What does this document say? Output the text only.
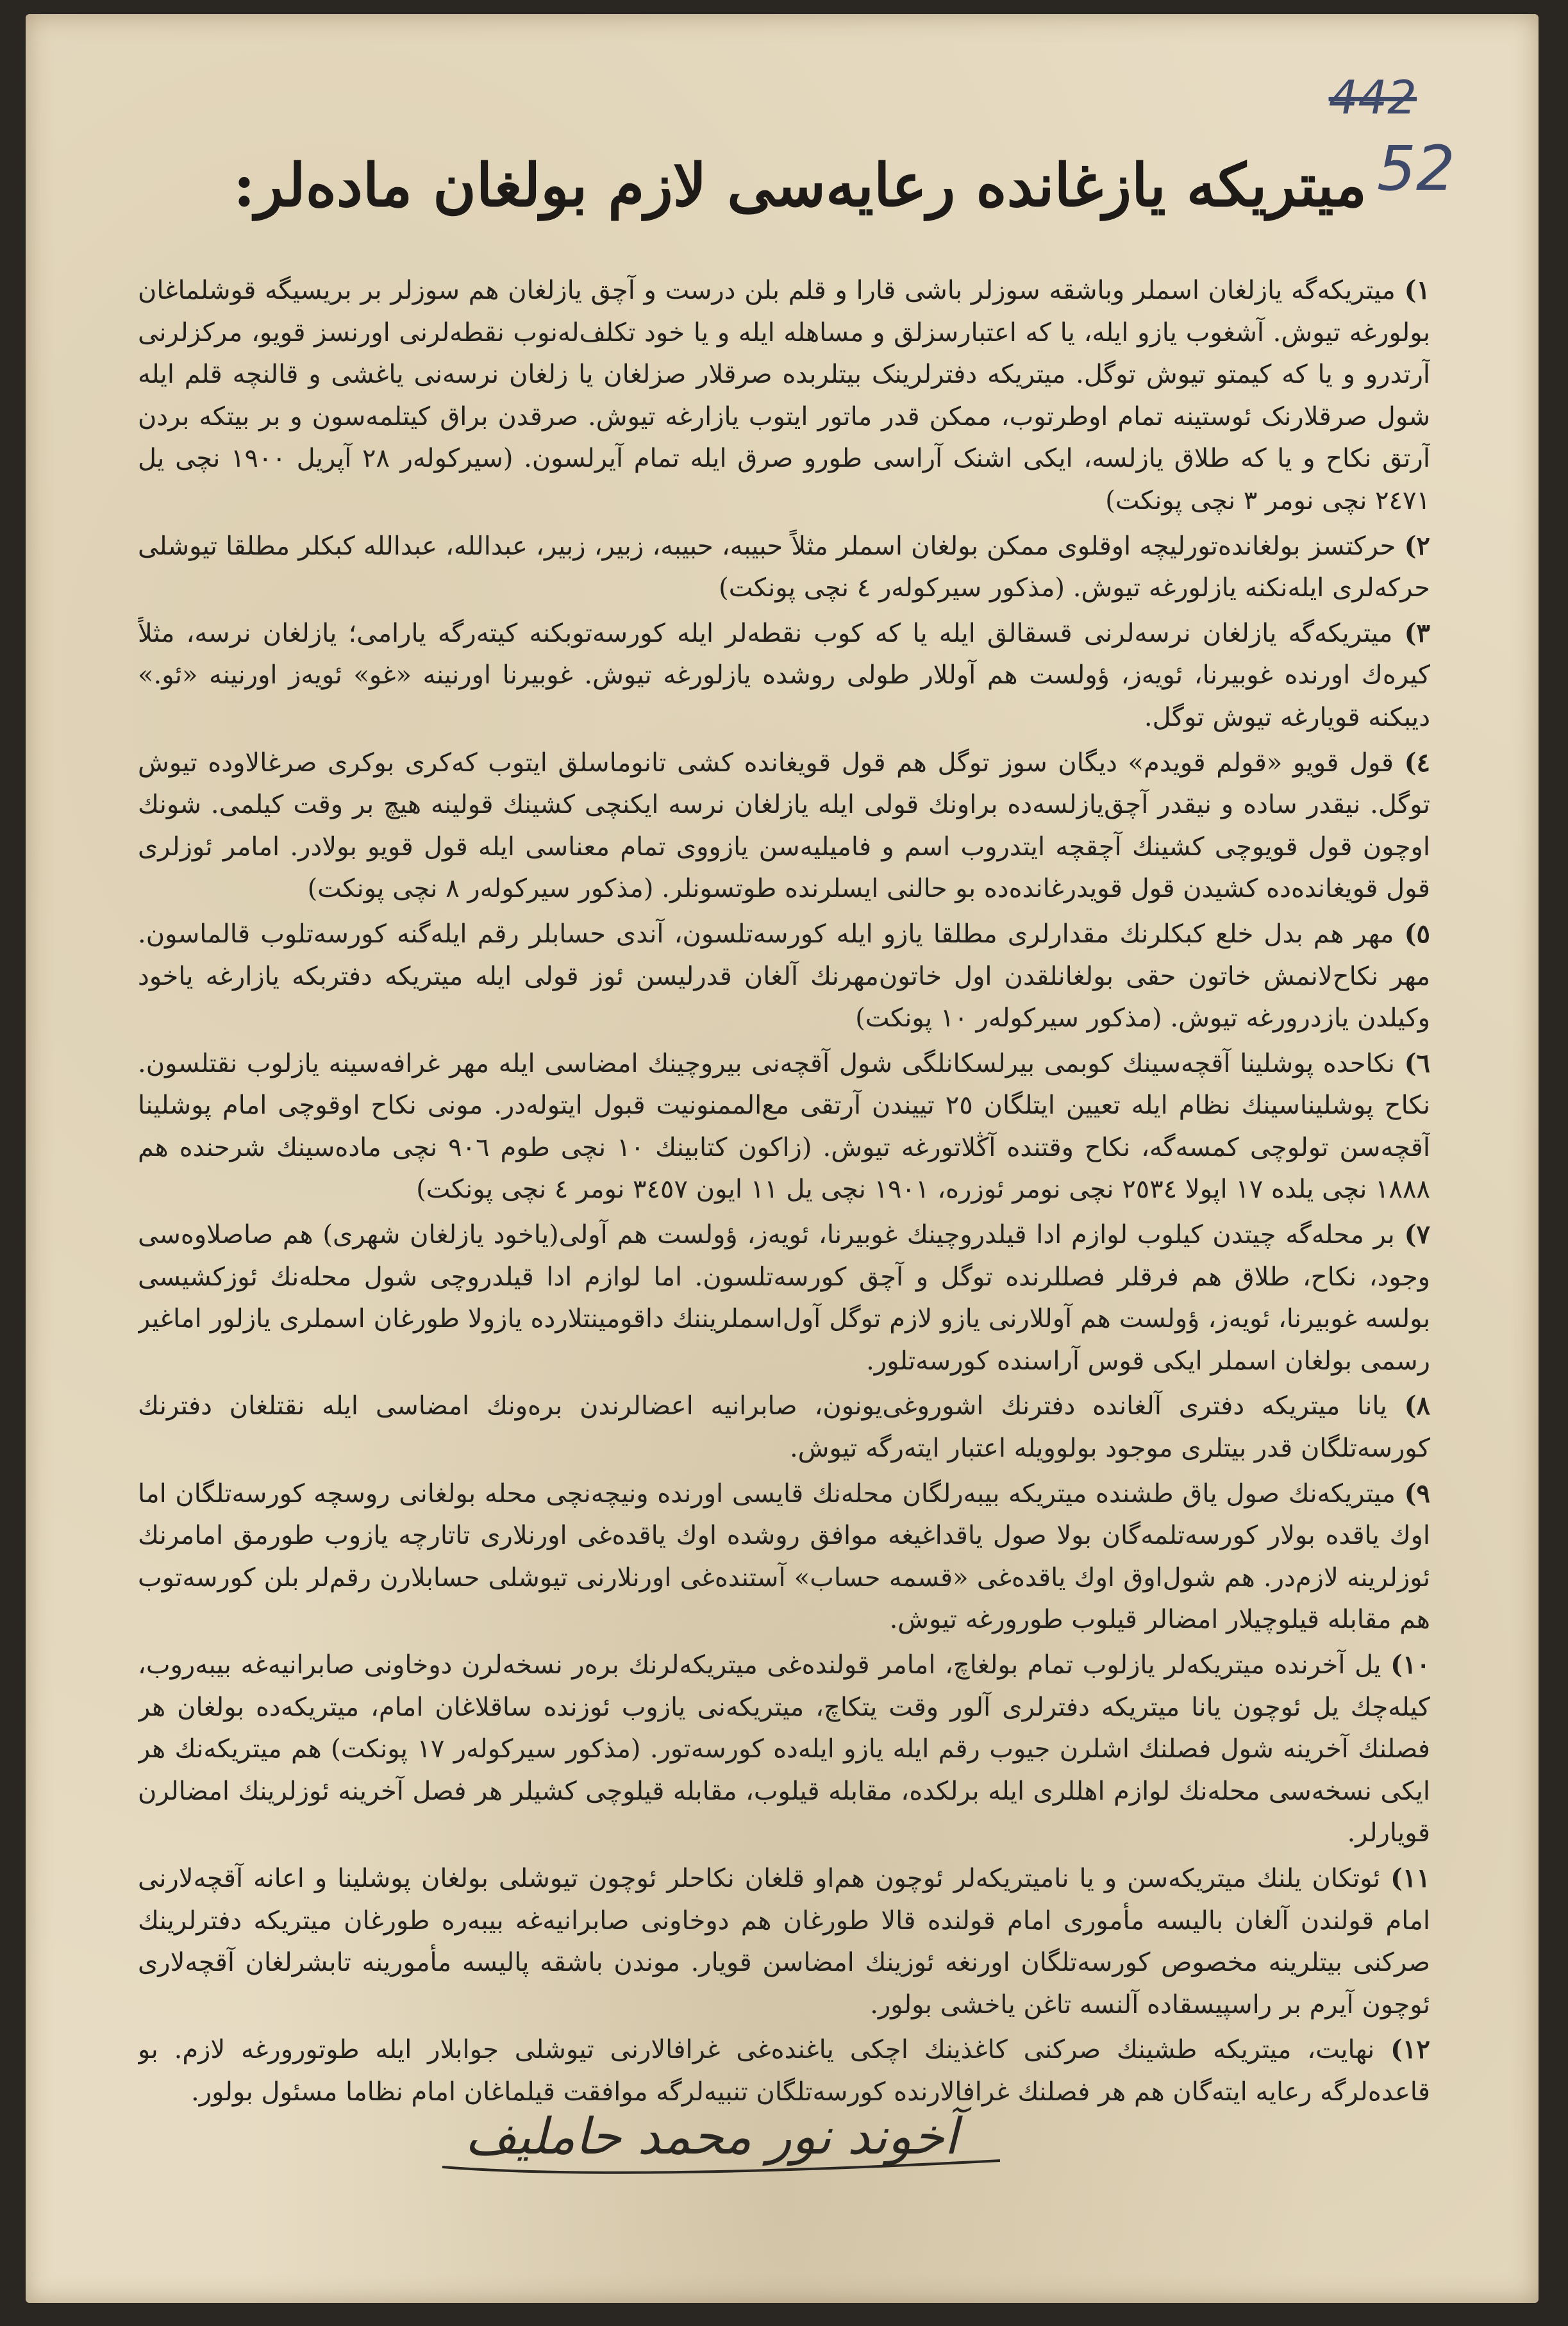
442
52
میتریکه یازغانده رعایه‌سی لازم بولغان ماده‌لر:

١) میتریکه‌گه یازلغان اسملر وباشقه سوزلر باشی قارا و قلم بلن درست و آچق یازلغان هم سوزلر بر بریسیگه قوشلماغان بولورغه تیوش. آشغوب یازو ایله، یا که اعتبارسزلق و مساهله ایله و یا خود تکلف‌له‌نوب نقطه‌لرنی اورنسز قویو، مرکزلرنی آرتدرو و یا که کیمتو تیوش توگل. میتریکه دفترلرینک بیتلربده صرقلار صزلغان یا زلغان نرسه‌نی یاغشی و قالنچه قلم ایله شول صرقلارنک ئوستینه تمام اوطرتوب، ممکن قدر ماتور ایتوب یازارغه تیوش. صرقدن براق کیتلمه‌سون و بر بیتکه بردن آرتق نکاح و یا که طلاق یازلسه، ایکی اشنک آراسی طورو صرق ایله تمام آیرلسون. (سیرکوله‌ر ٢٨ آپریل ١٩٠٠ نچی یل ٢٤٧١ نچی نومر ٣ نچی پونکت)

٢) حرکتسز بولغانده‌تورلیچه اوقلوی ممکن بولغان اسملر مثلاً حبیبه، حبیبه، زبیر، زبیر، عبدالله، عبدالله کبکلر مطلقا تیوشلی حرکه‌لری ایله‌نکنه یازلورغه تیوش. (مذکور سیرکوله‌ر ٤ نچی پونکت)

٣) میتریکه‌گه یازلغان نرسه‌لرنی قسقالق ایله یا که کوب نقطه‌لر ایله کورسه‌توبکنه کیته‌رگه یارامی؛ یازلغان نرسه، مثلاً کیره‌ك اورنده غوبیرنا، ئویه‌ز، ؤولست هم آوللار طولی روشده یازلورغه تیوش. غوبیرنا اورنینه «غو» ئویه‌ز اورنینه «ئو.» دیبکنه قویارغه تیوش توگل.

٤) قول قویو «قولم قویدم» دیگان سوز توگل هم قول قویغانده کشی تانوماسلق ایتوب که‌کری بوکری صرغالاوده تیوش توگل. نیقدر ساده و نیقدر آچق‌یازلسه‌ده براونك قولی ایله یازلغان نرسه ایکنچی کشینك قولینه هیچ بر وقت کیلمی. شونك اوچون قول قویوچی کشینك آچقچه ایتدروب اسم و فامیلیه‌سن یازووی تمام معنا‌سی ایله قول قویو بولادر. امامر ئوزلری قول قویغانده‌ده کشیدن قول قویدرغانده‌ده بو حالنی ایسلرنده طوتسونلر. (مذکور سیرکوله‌ر ٨ نچی پونکت)

٥) مهر هم بدل خلع کبکلرنك مقدارلری مطلقا یازو ایله کورسه‌تلسون، آندی حسابلر رقم ایله‌گنه کورسه‌تلوب قالماسون. مهر نکاح‌لانمش خاتون حقی بولغانلقدن اول خاتون‌مهرنك آلغان قدرلیسن ئوز قولی ایله میتریکه دفتربکه یازارغه یاخود وکیلدن یازدرورغه تیوش. (مذکور سیرکوله‌ر ١٠ پونکت)

٦) نکاحده پوشلینا آقچه‌سینك کوبمی بیرلسکانلگی شول آقچه‌نی بیروچینك امضاسی ایله مهر غرافه‌سینه یازلوب نقتلسون. نکاح پوشلیناسینك نظام ایله تعیین ایتلگان ٢٥ تییندن آرتقی مع‌الممنونیت قبول ایتوله‌در. مونی نکاح اوقوچی امام پوشلینا آقچه‌سن تولوچی کمسه‌گه، نکاح وقتنده آڭلاتورغه تیوش. (زاکون کتابینك ١٠ نچی طوم ٩٠٦ نچی ماده‌سینك شرحنده هم ١٨٨٨ نچی یلده ١٧ اپولا ٢٥٣٤ نچی نومر ئوزره، ١٩٠١ نچی یل ١١ ایون ٣٤٥٧ نومر ٤ نچی پونکت)

٧) بر محله‌گه چیتدن کیلوب لوازم ادا قیلدروچینك غوبیرنا، ئویه‌ز، ؤولست هم آولی(یاخود یازلغان شهری) هم صاصلاوه‌سی وجود، نکاح، طلاق هم فرقلر فصللرنده توگل و آچق کورسه‌تلسون. اما لوازم ادا قیلدروچی شول محله‌نك ئوزکشیسی بولسه غوبیرنا، ئویه‌ز، ؤولست هم آوللارنی یازو لازم توگل آول‌اسملریننك داقومینتلارده یازولا طورغان اسملری یازلور اماغیر رسمی بولغان اسملر ایکی قوس آراسنده کورسه‌تلور.

٨) یانا میتریکه دفتری آلغانده دفترنك اشوروغی‌یونون، صابرانیه اعضالرندن بره‌ونك امضاسی ایله نقتلغان دفترنك کورسه‌تلگان قدر بیتلری موجود بولوویله اعتبار ایته‌رگه تیوش.

٩) میتریکه‌نك صول یاق طشنده میتریکه بیبه‌رلگان محله‌نك قایسی اورنده ونیچه‌نچی محله بولغانی روسچه کورسه‌تلگان اما اوك یاقده بولار کورسه‌تلمه‌گان بولا صول یاقداغیغه موافق روشده اوك یاقده‌غی اورنلاری تاتارچه یازوب طورمق امامرنك ئوزلرینه لازم‌در. هم شول‌اوق اوك یاقده‌غی «قسمه حساب» آستنده‌غی اورنلارنی تیوشلی حسابلارن رقم‌لر بلن کورسه‌توب هم مقابله قیلوچیلار امضالر قیلوب طورورغه تیوش.

١٠) یل آخرنده میتریکه‌لر یازلوب تمام بولغاچ، امامر قولنده‌غی میتریکه‌لرنك بره‌ر نسخه‌لرن دوخاونی صابرانیه‌غه بیبه‌روب، کیله‌چك یل ئوچون یانا میتریکه دفترلری آلور وقت یتکاچ، میتریکه‌نی یازوب ئوزنده ساقلاغان امام، میتریکه‌ده بولغان هر فصلنك آخرینه شول فصلنك اشلرن جیوب رقم ایله یازو ایله‌ده کورسه‌تور. (مذکور سیرکوله‌ر ١٧ پونکت) هم میتریکه‌نك هر ایکی نسخه‌سی محله‌نك لوازم اهللری ایله برلکده، مقابله قیلوب، مقابله قیلوچی کشیلر هر فصل آخرینه ئوزلرینك امضالرن قویارلر.

١١) ئوتکان یلنك میتریکه‌سن و یا نامیتریکه‌لر ئوچون هم‌او قلغان نکاحلر ئوچون تیوشلی بولغان پوشلینا و اعانه آقچه‌لارنی امام قولندن آلغان بالیسه مأموری امام قولنده قالا طورغان هم دوخاونی صابرانیه‌غه بیبه‌ره طورغان میتریکه دفترلرینك صرکنی بیتلرینه مخصوص کورسه‌تلگان اورنغه ئوزینك امضاسن قویار. موندن باشقه پالیسه مأمورینه تابشرلغان آقچه‌لاری ئوچون آیرم بر راسپیسقاده آلنسه تاغن یاخشی بولور.

١٢) نهایت، میتریکه طشینك صرکنی کاغذینك اچکی یاغنده‌غی غرافالارنی تیوشلی جوابلار ایله طوتورورغه لازم. بو قاعده‌لرگه رعایه ایته‌گان هم هر فصلنك غرافالارنده کورسه‌تلگان تنبیه‌لرگه موافقت قیلماغان امام نظاما مسئول بولور.

آخوند نور محمد حاملیف
